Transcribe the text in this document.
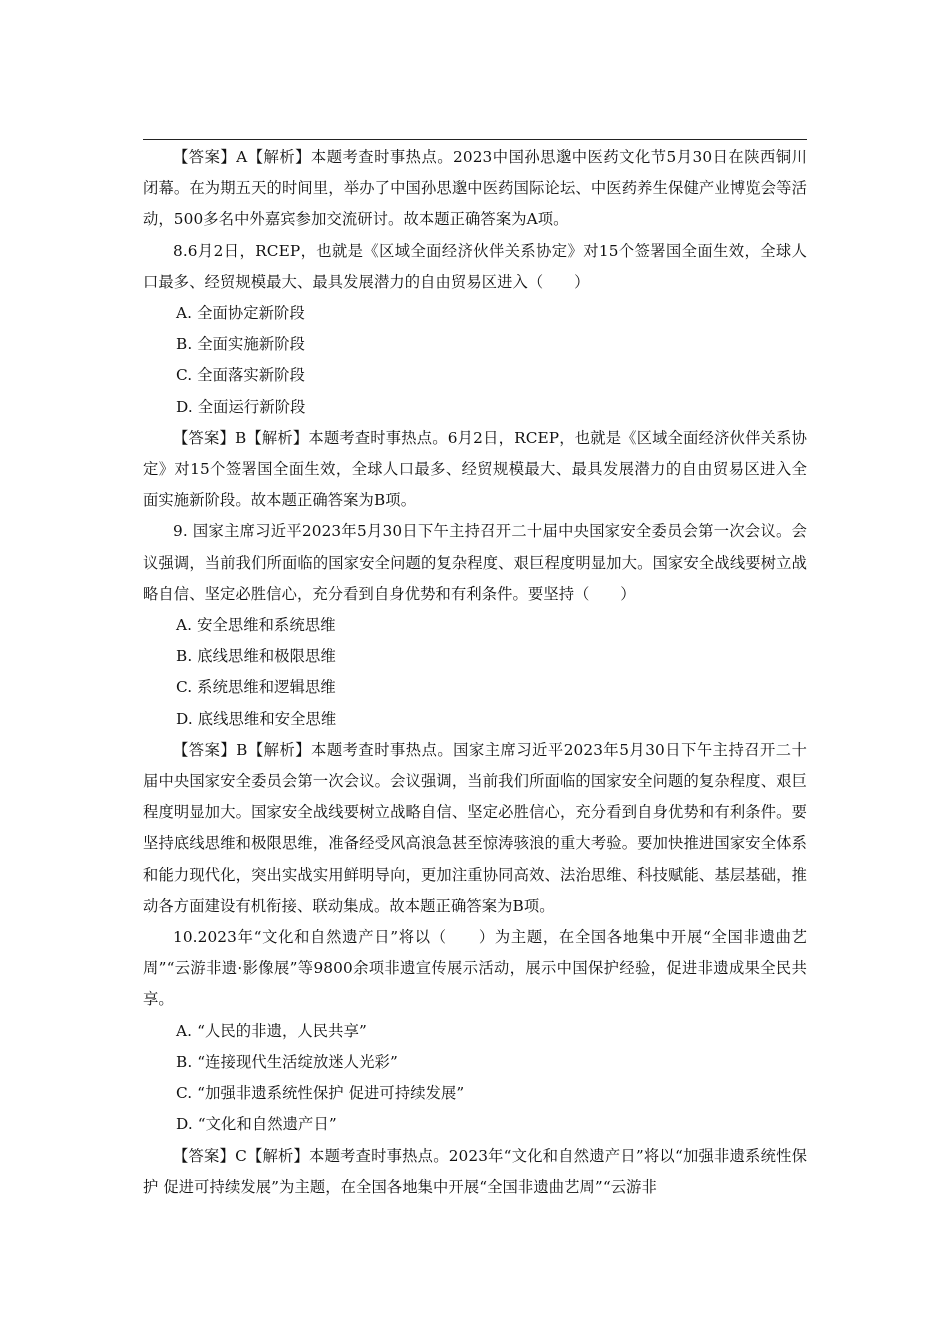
【答案】A【解析】本题考查时事热点。2023中国孙思邈中医药文化节5月30日在陕西铜川闭幕。在为期五天的时间里，举办了中国孙思邈中医药国际论坛、中医药养生保健产业博览会等活动，500多名中外嘉宾参加交流研讨。故本题正确答案为A项。

8.6月2日，RCEP，也就是《区域全面经济伙伴关系协定》对15个签署国全面生效，全球人口最多、经贸规模最大、最具发展潜力的自由贸易区进入（　　）

A. 全面协定新阶段

B. 全面实施新阶段

C. 全面落实新阶段

D. 全面运行新阶段

【答案】B【解析】本题考查时事热点。6月2日，RCEP，也就是《区域全面经济伙伴关系协定》对15个签署国全面生效，全球人口最多、经贸规模最大、最具发展潜力的自由贸易区进入全面实施新阶段。故本题正确答案为B项。

9. 国家主席习近平2023年5月30日下午主持召开二十届中央国家安全委员会第一次会议。会议强调，当前我们所面临的国家安全问题的复杂程度、艰巨程度明显加大。国家安全战线要树立战略自信、坚定必胜信心，充分看到自身优势和有利条件。要坚持（　　）

A. 安全思维和系统思维

B. 底线思维和极限思维

C. 系统思维和逻辑思维

D. 底线思维和安全思维

【答案】B【解析】本题考查时事热点。国家主席习近平2023年5月30日下午主持召开二十届中央国家安全委员会第一次会议。会议强调，当前我们所面临的国家安全问题的复杂程度、艰巨程度明显加大。国家安全战线要树立战略自信、坚定必胜信心，充分看到自身优势和有利条件。要坚持底线思维和极限思维，准备经受风高浪急甚至惊涛骇浪的重大考验。要加快推进国家安全体系和能力现代化，突出实战实用鲜明导向，更加注重协同高效、法治思维、科技赋能、基层基础，推动各方面建设有机衔接、联动集成。故本题正确答案为B项。

10.2023年“文化和自然遗产日”将以（　　）为主题，在全国各地集中开展“全国非遗曲艺周”“云游非遗·影像展”等9800余项非遗宣传展示活动，展示中国保护经验，促进非遗成果全民共享。

A. “人民的非遗，人民共享”

B. “连接现代生活绽放迷人光彩”

C. “加强非遗系统性保护 促进可持续发展”

D. “文化和自然遗产日”

【答案】C【解析】本题考查时事热点。2023年“文化和自然遗产日”将以“加强非遗系统性保护 促进可持续发展”为主题，在全国各地集中开展“全国非遗曲艺周”“云游非
